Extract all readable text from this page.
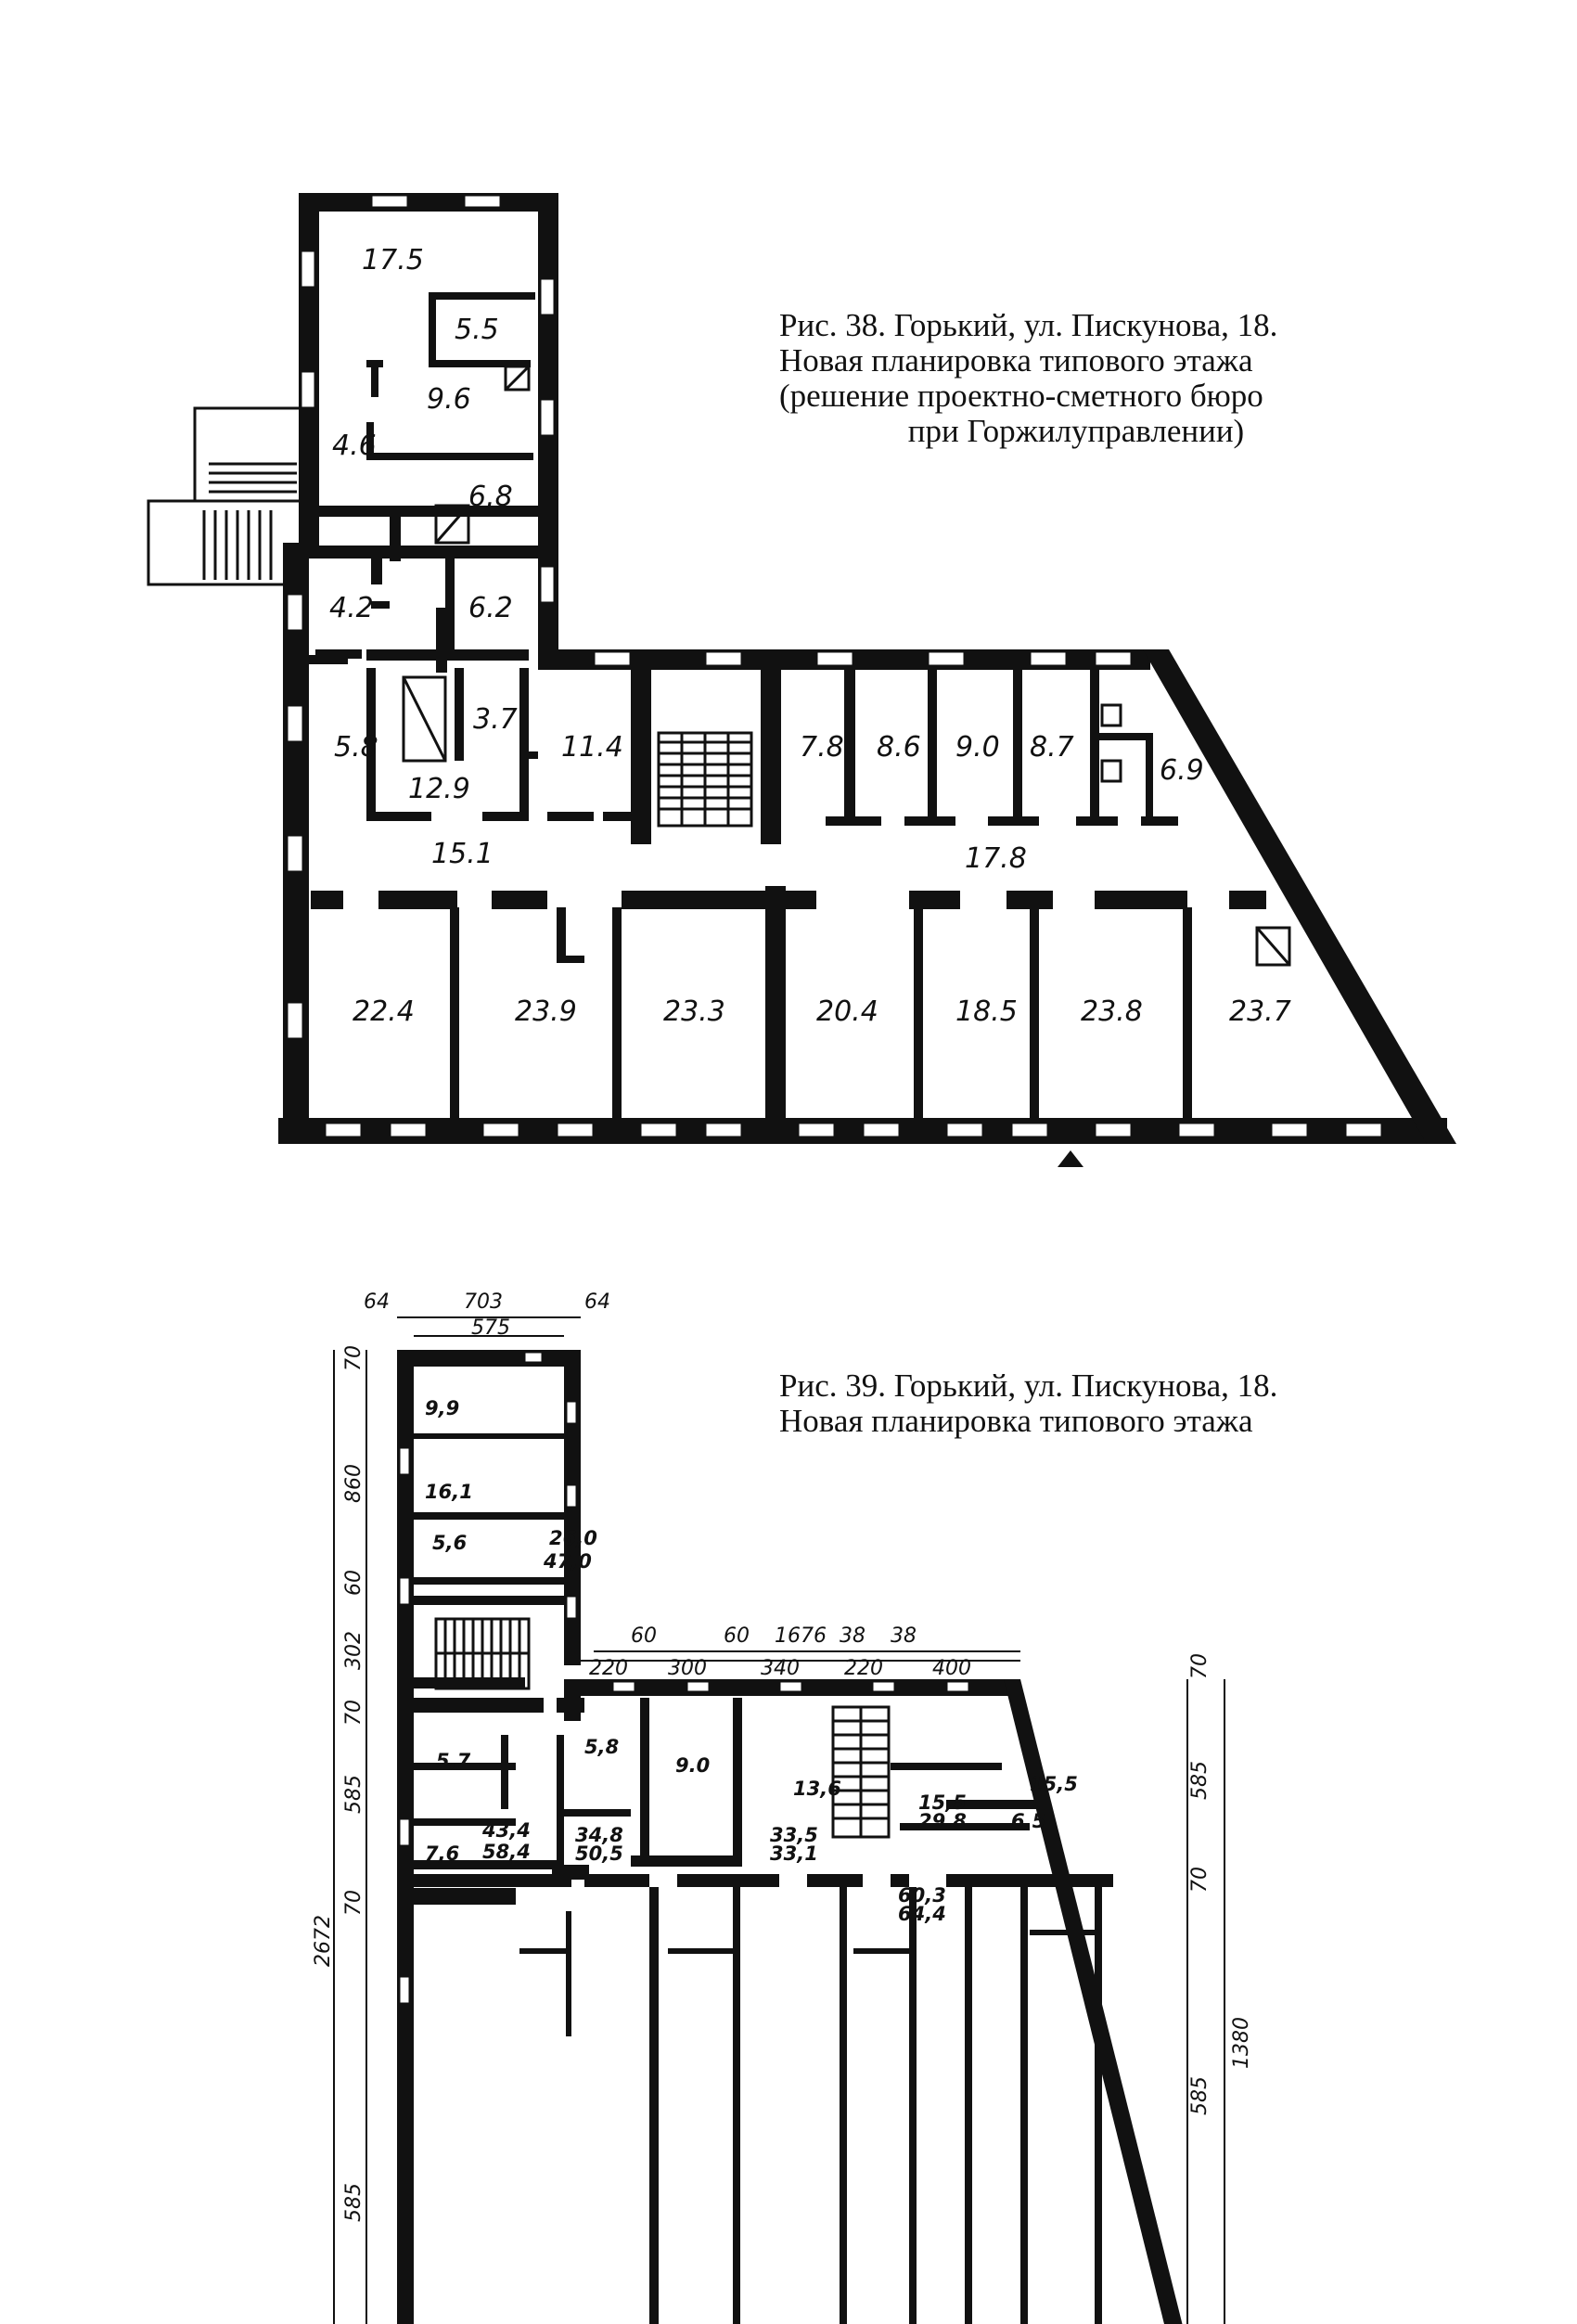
17.5
5.5
9.6
4.6
6.8
4.2	6.2
5.8
3.7
12.9
11.4	7.8 8.6 9.0 8.7
6.9
15.1	17.8
22.4	23.9	23.3	20.4	18.5 23.8	23.7
64	703
575
64
60	60 1676 38 38
220 300	340 220 400
70
860
60
302
70
585
70
585
2672
70
585
70
585
1380
9,9
16,1
5,6	26,0
47,0
5,8
9.0
5,7
13,6	15,5
43,4
58,4
34,8
50,5
33,5
33,1
15,5
29,8 6,5
7,6
60,3
64,4
Рис. 38. Горький, ул. Пискунова, 18.
Новая планировка типового этажа
(решение проектно-сметного бюро
при Горжилуправлении)
Рис. 39. Горький, ул. Пискунова, 18.
Новая планировка типового этажа
